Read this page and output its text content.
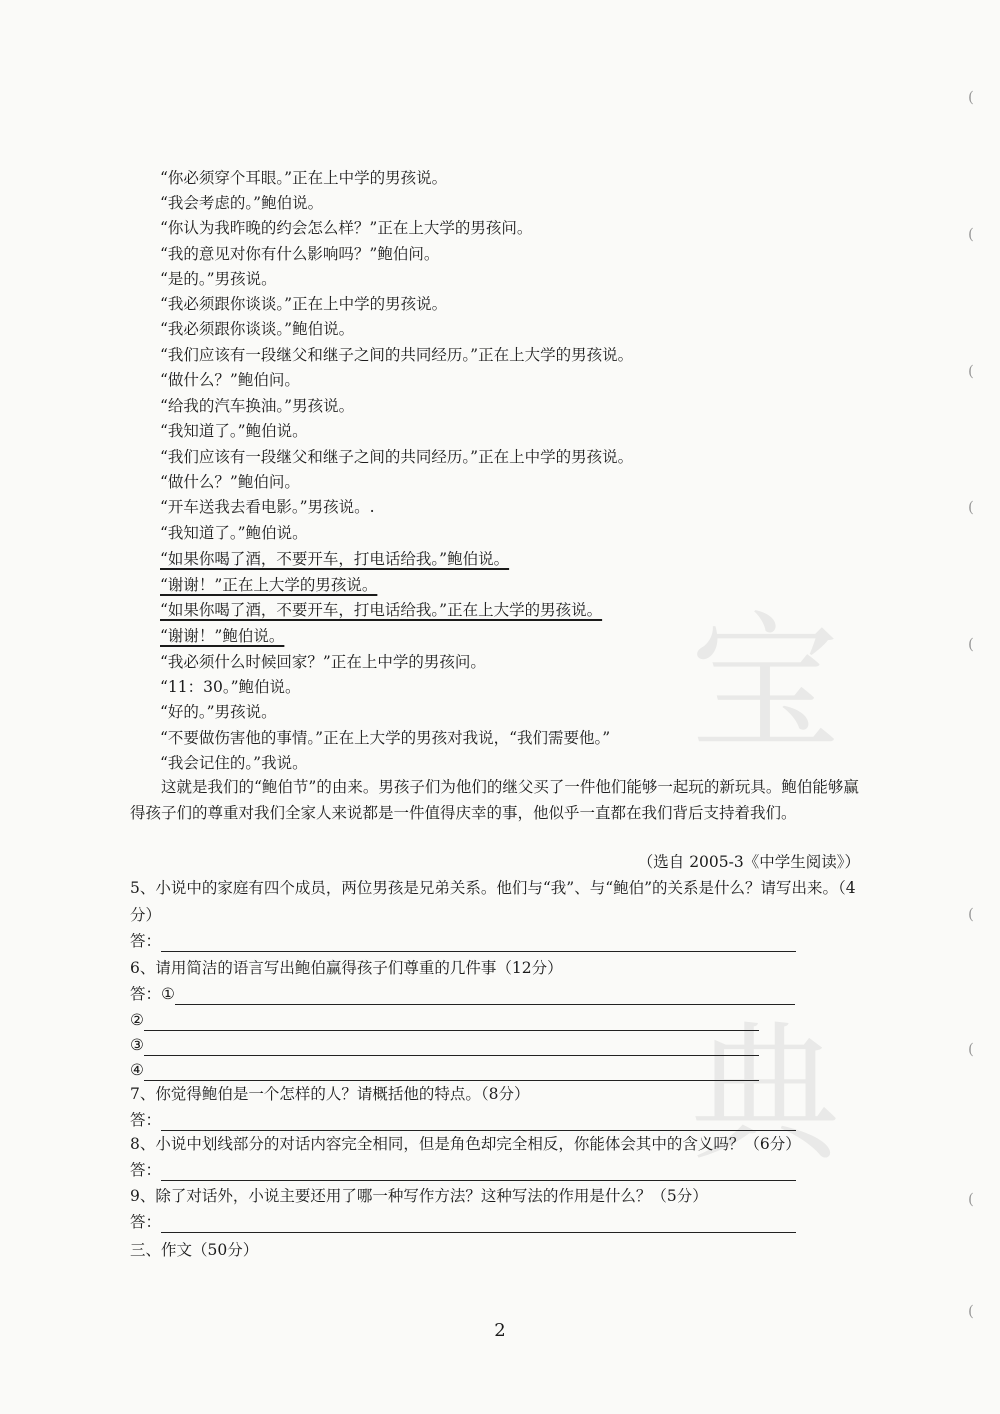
宝
典
(
(
(
(
(
(
(
(
(
“你必须穿个耳眼。”正在上中学的男孩说。
“我会考虑的。”鲍伯说。
“你认为我昨晚的约会怎么样？”正在上大学的男孩问。
“我的意见对你有什么影响吗？”鲍伯问。
“是的。”男孩说。
“我必须跟你谈谈。”正在上中学的男孩说。
“我必须跟你谈谈。”鲍伯说。
“我们应该有一段继父和继子之间的共同经历。”正在上大学的男孩说。
“做什么？”鲍伯问。
“给我的汽车换油。”男孩说。
“我知道了。”鲍伯说。
“我们应该有一段继父和继子之间的共同经历。”正在上中学的男孩说。
“做什么？”鲍伯问。
“开车送我去看电影。”男孩说。.
“我知道了。”鲍伯说。
“如果你喝了酒，不要开车，打电话给我。”鲍伯说。
“谢谢！”正在上大学的男孩说。
“如果你喝了酒，不要开车，打电话给我。”正在上大学的男孩说。
“谢谢！”鲍伯说。
“我必须什么时候回家？”正在上中学的男孩问。
“11：30。”鲍伯说。
“好的。”男孩说。
“不要做伤害他的事情。”正在上大学的男孩对我说，“我们需要他。”
“我会记住的。”我说。
这就是我们的“鲍伯节”的由来。男孩子们为他们的继父买了一件他们能够一起玩的新玩具。鲍伯能够赢得孩子们的尊重对我们全家人来说都是一件值得庆幸的事，他似乎一直都在我们背后支持着我们。
（选自 2005-3《中学生阅读》）
5、小说中的家庭有四个成员，两位男孩是兄弟关系。他们与“我”、与“鲍伯”的关系是什么？请写出来。（4分）
答：
6、请用简洁的语言写出鲍伯赢得孩子们尊重的几件事（12分）
答： ①
②
③
④
7、你觉得鲍伯是一个怎样的人？请概括他的特点。（8分）
答：
8、小说中划线部分的对话内容完全相同，但是角色却完全相反，你能体会其中的含义吗？（6分）
答：
9、除了对话外，小说主要还用了哪一种写作方法？这种写法的作用是什么？（5分）
答：
三、作文（50分）
2
